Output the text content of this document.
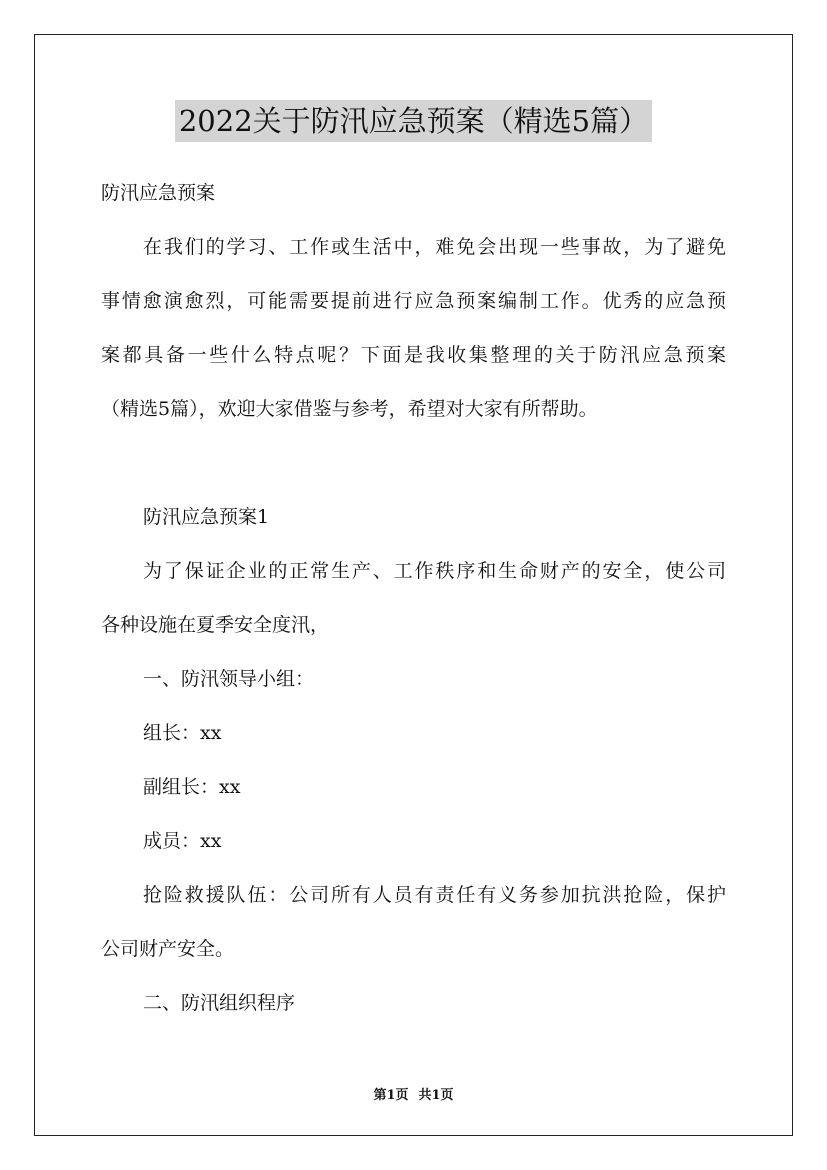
2022关于防汛应急预案（精选5篇）
防汛应急预案
在我们的学习、工作或生活中，难免会出现一些事故，为了避免
事情愈演愈烈，可能需要提前进行应急预案编制工作。优秀的应急预
案都具备一些什么特点呢？下面是我收集整理的关于防汛应急预案
（精选5篇），欢迎大家借鉴与参考，希望对大家有所帮助。
防汛应急预案1
为了保证企业的正常生产、工作秩序和生命财产的安全，使公司
各种设施在夏季安全度汛，
一、防汛领导小组：
组长：xx
副组长：xx
成员：xx
抢险救援队伍：公司所有人员有责任有义务参加抗洪抢险，保护
公司财产安全。
二、防汛组织程序
第1页 共1页
